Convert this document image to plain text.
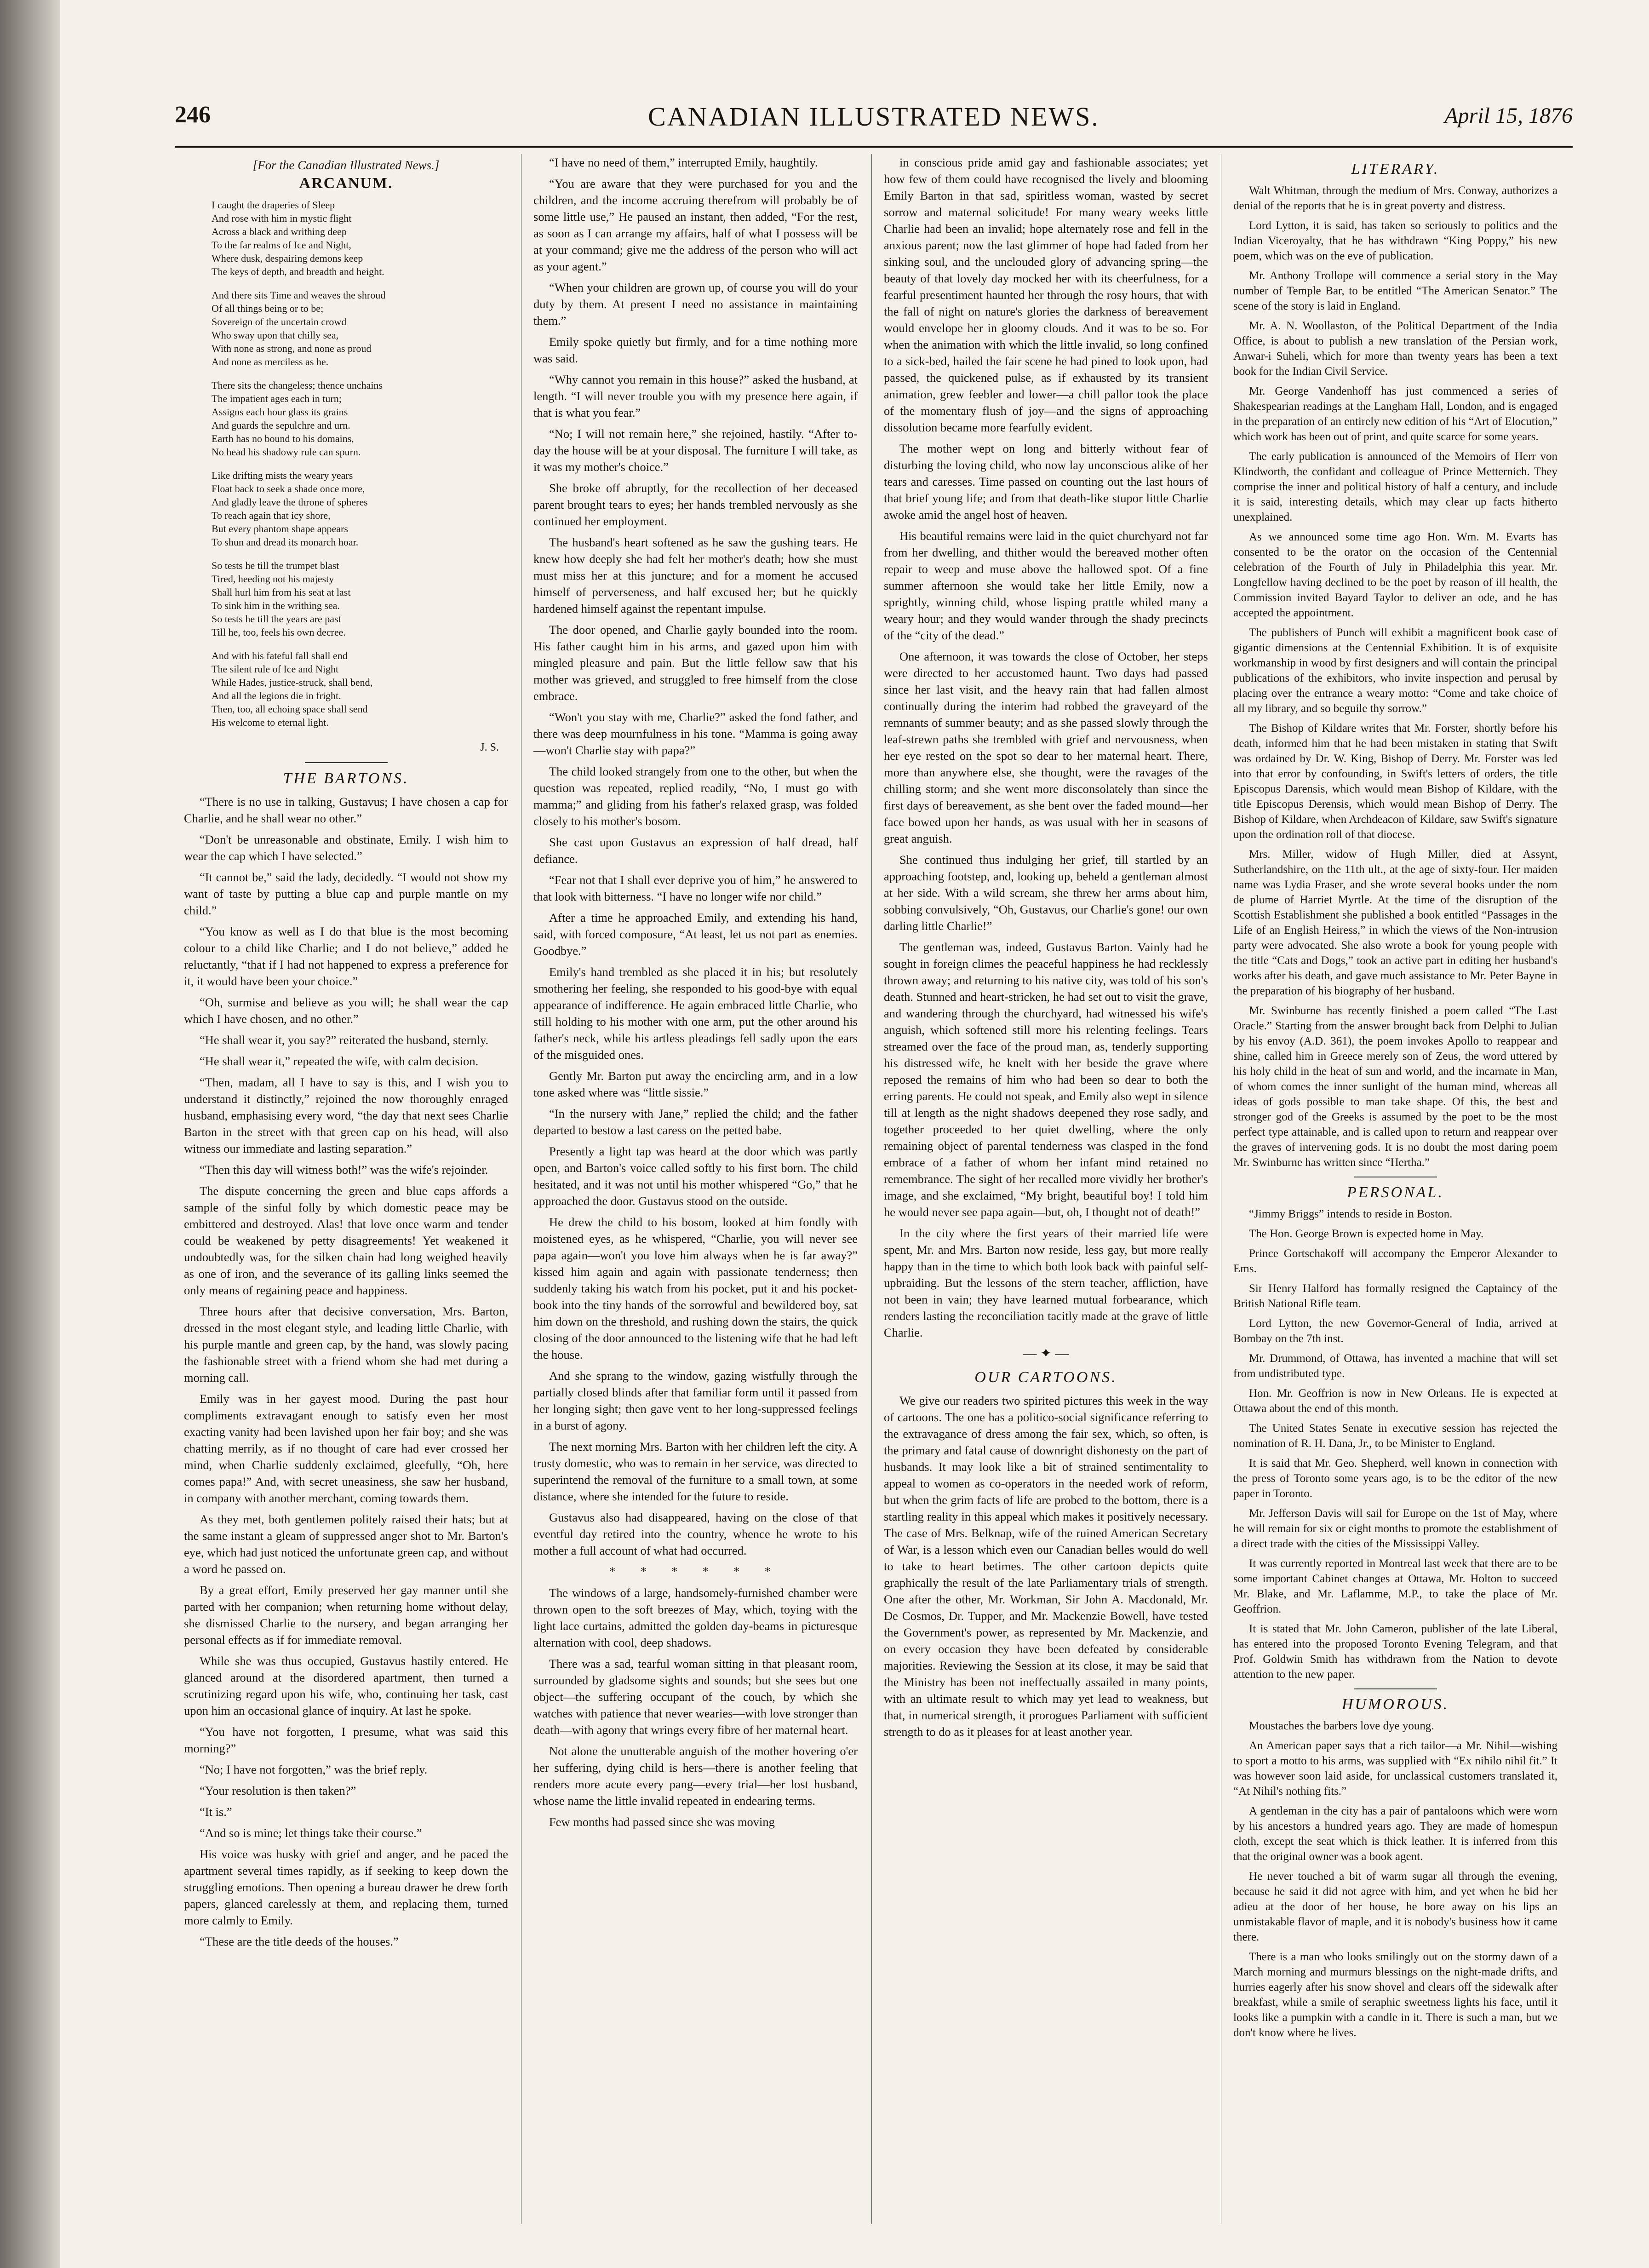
246	CANADIAN ILLUSTRATED NEWS.	April 15, 1876
[For the Canadian Illustrated News.]
ARCANUM.
I caught the draperies of Sleep
And rose with him in mystic flight
Across a black and writhing deep
To the far realms of Ice and Night,
Where dusk, despairing demons keep
The keys of depth, and breadth and height.
And there sits Time and weaves the shroud
Of all things being or to be;
Sovereign of the uncertain crowd
Who sway upon that chilly sea,
With none as strong, and none as proud
And none as merciless as he.
There sits the changeless; thence unchains
The impatient ages each in turn;
Assigns each hour glass its grains
And guards the sepulchre and urn.
Earth has no bound to his domains,
No head his shadowy rule can spurn.
Like drifting mists the weary years
Float back to seek a shade once more,
And gladly leave the throne of spheres
To reach again that icy shore,
But every phantom shape appears
To shun and dread its monarch hoar.
So tests he till the trumpet blast
Tired, heeding not his majesty
Shall hurl him from his seat at last
To sink him in the writhing sea.
So tests he till the years are past
Till he, too, feels his own decree.
And with his fateful fall shall end
The silent rule of Ice and Night
While Hades, justice-struck, shall bend,
And all the legions die in fright.
Then, too, all echoing space shall send
His welcome to eternal light.
J. S.
THE BARTONS.

“There is no use in talking, Gustavus; I have chosen a cap for Charlie, and he shall wear no other.”

“Don't be unreasonable and obstinate, Emily. I wish him to wear the cap which I have selected.”

“It cannot be,” said the lady, decidedly. “I would not show my want of taste by putting a blue cap and purple mantle on my child.”

“You know as well as I do that blue is the most becoming colour to a child like Charlie; and I do not believe,” added he reluctantly, “that if I had not happened to express a preference for it, it would have been your choice.”

“Oh, surmise and believe as you will; he shall wear the cap which I have chosen, and no other.”

“He shall wear it, you say?” reiterated the husband, sternly.

“He shall wear it,” repeated the wife, with calm decision.

“Then, madam, all I have to say is this, and I wish you to understand it distinctly,” rejoined the now thoroughly enraged husband, emphasising every word, “the day that next sees Charlie Barton in the street with that green cap on his head, will also witness our immediate and lasting separation.”

“Then this day will witness both!” was the wife's rejoinder.

The dispute concerning the green and blue caps affords a sample of the sinful folly by which domestic peace may be embittered and destroyed. Alas! that love once warm and tender could be weakened by petty disagreements! Yet weakened it undoubtedly was, for the silken chain had long weighed heavily as one of iron, and the severance of its galling links seemed the only means of regaining peace and happiness.

Three hours after that decisive conversation, Mrs. Barton, dressed in the most elegant style, and leading little Charlie, with his purple mantle and green cap, by the hand, was slowly pacing the fashionable street with a friend whom she had met during a morning call.

Emily was in her gayest mood. During the past hour compliments extravagant enough to satisfy even her most exacting vanity had been lavished upon her fair boy; and she was chatting merrily, as if no thought of care had ever crossed her mind, when Charlie suddenly exclaimed, gleefully, “Oh, here comes papa!” And, with secret uneasiness, she saw her husband, in company with another merchant, coming towards them.

As they met, both gentlemen politely raised their hats; but at the same instant a gleam of suppressed anger shot to Mr. Barton's eye, which had just noticed the unfortunate green cap, and without a word he passed on.

By a great effort, Emily preserved her gay manner until she parted with her companion; when returning home without delay, she dismissed Charlie to the nursery, and began arranging her personal effects as if for immediate removal.

While she was thus occupied, Gustavus hastily entered. He glanced around at the disordered apartment, then turned a scrutinizing regard upon his wife, who, continuing her task, cast upon him an occasional glance of inquiry. At last he spoke.

“You have not forgotten, I presume, what was said this morning?”

“No; I have not forgotten,” was the brief reply.

“Your resolution is then taken?”

“It is.”

“And so is mine; let things take their course.”

His voice was husky with grief and anger, and he paced the apartment several times rapidly, as if seeking to keep down the struggling emotions. Then opening a bureau drawer he drew forth papers, glanced carelessly at them, and replacing them, turned more calmly to Emily.

“These are the title deeds of the houses.”

“I have no need of them,” interrupted Emily, haughtily.

“You are aware that they were purchased for you and the children, and the income accruing therefrom will probably be of some little use,” He paused an instant, then added, “For the rest, as soon as I can arrange my affairs, half of what I possess will be at your command; give me the address of the person who will act as your agent.”

“When your children are grown up, of course you will do your duty by them. At present I need no assistance in maintaining them.”

Emily spoke quietly but firmly, and for a time nothing more was said.

“Why cannot you remain in this house?” asked the husband, at length. “I will never trouble you with my presence here again, if that is what you fear.”

“No; I will not remain here,” she rejoined, hastily. “After to-day the house will be at your disposal. The furniture I will take, as it was my mother's choice.”

She broke off abruptly, for the recollection of her deceased parent brought tears to eyes; her hands trembled nervously as she continued her employment.

The husband's heart softened as he saw the gushing tears. He knew how deeply she had felt her mother's death; how she must must miss her at this juncture; and for a moment he accused himself of perverseness, and half excused her; but he quickly hardened himself against the repentant impulse.

The door opened, and Charlie gayly bounded into the room. His father caught him in his arms, and gazed upon him with mingled pleasure and pain. But the little fellow saw that his mother was grieved, and struggled to free himself from the close embrace.

“Won't you stay with me, Charlie?” asked the fond father, and there was deep mournfulness in his tone. “Mamma is going away—won't Charlie stay with papa?”

The child looked strangely from one to the other, but when the question was repeated, replied readily, “No, I must go with mamma;” and gliding from his father's relaxed grasp, was folded closely to his mother's bosom.

She cast upon Gustavus an expression of half dread, half defiance.

“Fear not that I shall ever deprive you of him,” he answered to that look with bitterness. “I have no longer wife nor child.”

After a time he approached Emily, and extending his hand, said, with forced composure, “At least, let us not part as enemies. Goodbye.”

Emily's hand trembled as she placed it in his; but resolutely smothering her feeling, she responded to his good-bye with equal appearance of indifference. He again embraced little Charlie, who still holding to his mother with one arm, put the other around his father's neck, while his artless pleadings fell sadly upon the ears of the misguided ones.

Gently Mr. Barton put away the encircling arm, and in a low tone asked where was “little sissie.”

“In the nursery with Jane,” replied the child; and the father departed to bestow a last caress on the petted babe.

Presently a light tap was heard at the door which was partly open, and Barton's voice called softly to his first born. The child hesitated, and it was not until his mother whispered “Go,” that he approached the door. Gustavus stood on the outside.

He drew the child to his bosom, looked at him fondly with moistened eyes, as he whispered, “Charlie, you will never see papa again—won't you love him always when he is far away?” kissed him again and again with passionate tenderness; then suddenly taking his watch from his pocket, put it and his pocket-book into the tiny hands of the sorrowful and bewildered boy, sat him down on the threshold, and rushing down the stairs, the quick closing of the door announced to the listening wife that he had left the house.

And she sprang to the window, gazing wistfully through the partially closed blinds after that familiar form until it passed from her longing sight; then gave vent to her long-suppressed feelings in a burst of agony.

The next morning Mrs. Barton with her children left the city. A trusty domestic, who was to remain in her service, was directed to superintend the removal of the furniture to a small town, at some distance, where she intended for the future to reside.

Gustavus also had disappeared, having on the close of that eventful day retired into the country, whence he wrote to his mother a full account of what had occurred.

* * * * * *

The windows of a large, handsomely-furnished chamber were thrown open to the soft breezes of May, which, toying with the light lace curtains, admitted the golden day-beams in picturesque alternation with cool, deep shadows.

There was a sad, tearful woman sitting in that pleasant room, surrounded by gladsome sights and sounds; but she sees but one object—the suffering occupant of the couch, by which she watches with patience that never wearies—with love stronger than death—with agony that wrings every fibre of her maternal heart.

Not alone the unutterable anguish of the mother hovering o'er her suffering, dying child is hers—there is another feeling that renders more acute every pang—every trial—her lost husband, whose name the little invalid repeated in endearing terms.

Few months had passed since she was moving

in conscious pride amid gay and fashionable associates; yet how few of them could have recognised the lively and blooming Emily Barton in that sad, spiritless woman, wasted by secret sorrow and maternal solicitude! For many weary weeks little Charlie had been an invalid; hope alternately rose and fell in the anxious parent; now the last glimmer of hope had faded from her sinking soul, and the unclouded glory of advancing spring—the beauty of that lovely day mocked her with its cheerfulness, for a fearful presentiment haunted her through the rosy hours, that with the fall of night on nature's glories the darkness of bereavement would envelope her in gloomy clouds. And it was to be so. For when the animation with which the little invalid, so long confined to a sick-bed, hailed the fair scene he had pined to look upon, had passed, the quickened pulse, as if exhausted by its transient animation, grew feebler and lower—a chill pallor took the place of the momentary flush of joy—and the signs of approaching dissolution became more fearfully evident.

The mother wept on long and bitterly without fear of disturbing the loving child, who now lay unconscious alike of her tears and caresses. Time passed on counting out the last hours of that brief young life; and from that death-like stupor little Charlie awoke amid the angel host of heaven.

His beautiful remains were laid in the quiet churchyard not far from her dwelling, and thither would the bereaved mother often repair to weep and muse above the hallowed spot. Of a fine summer afternoon she would take her little Emily, now a sprightly, winning child, whose lisping prattle whiled many a weary hour; and they would wander through the shady precincts of the “city of the dead.”

One afternoon, it was towards the close of October, her steps were directed to her accustomed haunt. Two days had passed since her last visit, and the heavy rain that had fallen almost continually during the interim had robbed the graveyard of the remnants of summer beauty; and as she passed slowly through the leaf-strewn paths she trembled with grief and nervousness, when her eye rested on the spot so dear to her maternal heart. There, more than anywhere else, she thought, were the ravages of the chilling storm; and she went more disconsolately than since the first days of bereavement, as she bent over the faded mound—her face bowed upon her hands, as was usual with her in seasons of great anguish.

She continued thus indulging her grief, till startled by an approaching footstep, and, looking up, beheld a gentleman almost at her side. With a wild scream, she threw her arms about him, sobbing convulsively, “Oh, Gustavus, our Charlie's gone! our own darling little Charlie!”

The gentleman was, indeed, Gustavus Barton. Vainly had he sought in foreign climes the peaceful happiness he had recklessly thrown away; and returning to his native city, was told of his son's death. Stunned and heart-stricken, he had set out to visit the grave, and wandering through the churchyard, had witnessed his wife's anguish, which softened still more his relenting feelings. Tears streamed over the face of the proud man, as, tenderly supporting his distressed wife, he knelt with her beside the grave where reposed the remains of him who had been so dear to both the erring parents. He could not speak, and Emily also wept in silence till at length as the night shadows deepened they rose sadly, and together proceeded to her quiet dwelling, where the only remaining object of parental tenderness was clasped in the fond embrace of a father of whom her infant mind retained no remembrance. The sight of her recalled more vividly her brother's image, and she exclaimed, “My bright, beautiful boy! I told him he would never see papa again—but, oh, I thought not of death!”

In the city where the first years of their married life were spent, Mr. and Mrs. Barton now reside, less gay, but more really happy than in the time to which both look back with painful self-upbraiding. But the lessons of the stern teacher, affliction, have not been in vain; they have learned mutual forbearance, which renders lasting the reconciliation tacitly made at the grave of little Charlie.

— ✦ —
OUR CARTOONS.

We give our readers two spirited pictures this week in the way of cartoons. The one has a politico-social significance referring to the extravagance of dress among the fair sex, which, so often, is the primary and fatal cause of downright dishonesty on the part of husbands. It may look like a bit of strained sentimentality to appeal to women as co-operators in the needed work of reform, but when the grim facts of life are probed to the bottom, there is a startling reality in this appeal which makes it positively necessary. The case of Mrs. Belknap, wife of the ruined American Secretary of War, is a lesson which even our Canadian belles would do well to take to heart betimes. The other cartoon depicts quite graphically the result of the late Parliamentary trials of strength. One after the other, Mr. Workman, Sir John A. Macdonald, Mr. De Cosmos, Dr. Tupper, and Mr. Mackenzie Bowell, have tested the Government's power, as represented by Mr. Mackenzie, and on every occasion they have been defeated by considerable majorities. Reviewing the Session at its close, it may be said that the Ministry has been not ineffectually assailed in many points, with an ultimate result to which may yet lead to weakness, but that, in numerical strength, it prorogues Parliament with sufficient strength to do as it pleases for at least another year.

LITERARY.

Walt Whitman, through the medium of Mrs. Conway, authorizes a denial of the reports that he is in great poverty and distress.

Lord Lytton, it is said, has taken so seriously to politics and the Indian Viceroyalty, that he has withdrawn “King Poppy,” his new poem, which was on the eve of publication.

Mr. Anthony Trollope will commence a serial story in the May number of Temple Bar, to be entitled “The American Senator.” The scene of the story is laid in England.

Mr. A. N. Woollaston, of the Political Department of the India Office, is about to publish a new translation of the Persian work, Anwar-i Suheli, which for more than twenty years has been a text book for the Indian Civil Service.

Mr. George Vandenhoff has just commenced a series of Shakespearian readings at the Langham Hall, London, and is engaged in the preparation of an entirely new edition of his “Art of Elocution,” which work has been out of print, and quite scarce for some years.

The early publication is announced of the Memoirs of Herr von Klindworth, the confidant and colleague of Prince Metternich. They comprise the inner and political history of half a century, and include it is said, interesting details, which may clear up facts hitherto unexplained.

As we announced some time ago Hon. Wm. M. Evarts has consented to be the orator on the occasion of the Centennial celebration of the Fourth of July in Philadelphia this year. Mr. Longfellow having declined to be the poet by reason of ill health, the Commission invited Bayard Taylor to deliver an ode, and he has accepted the appointment.

The publishers of Punch will exhibit a magnificent book case of gigantic dimensions at the Centennial Exhibition. It is of exquisite workmanship in wood by first designers and will contain the principal publications of the exhibitors, who invite inspection and perusal by placing over the entrance a weary motto: “Come and take choice of all my library, and so beguile thy sorrow.”

The Bishop of Kildare writes that Mr. Forster, shortly before his death, informed him that he had been mistaken in stating that Swift was ordained by Dr. W. King, Bishop of Derry. Mr. Forster was led into that error by confounding, in Swift's letters of orders, the title Episcopus Darensis, which would mean Bishop of Kildare, with the title Episcopus Derensis, which would mean Bishop of Derry. The Bishop of Kildare, when Archdeacon of Kildare, saw Swift's signature upon the ordination roll of that diocese.

Mrs. Miller, widow of Hugh Miller, died at Assynt, Sutherlandshire, on the 11th ult., at the age of sixty-four. Her maiden name was Lydia Fraser, and she wrote several books under the nom de plume of Harriet Myrtle. At the time of the disruption of the Scottish Establishment she published a book entitled “Passages in the Life of an English Heiress,” in which the views of the Non-intrusion party were advocated. She also wrote a book for young people with the title “Cats and Dogs,” took an active part in editing her husband's works after his death, and gave much assistance to Mr. Peter Bayne in the preparation of his biography of her husband.

Mr. Swinburne has recently finished a poem called “The Last Oracle.” Starting from the answer brought back from Delphi to Julian by his envoy (A.D. 361), the poem invokes Apollo to reappear and shine, called him in Greece merely son of Zeus, the word uttered by his holy child in the heat of sun and world, and the incarnate in Man, of whom comes the inner sunlight of the human mind, whereas all ideas of gods possible to man take shape. Of this, the best and stronger god of the Greeks is assumed by the poet to be the most perfect type attainable, and is called upon to return and reappear over the graves of intervening gods. It is no doubt the most daring poem Mr. Swinburne has written since “Hertha.”

PERSONAL.

“Jimmy Briggs” intends to reside in Boston.

The Hon. George Brown is expected home in May.

Prince Gortschakoff will accompany the Emperor Alexander to Ems.

Sir Henry Halford has formally resigned the Captaincy of the British National Rifle team.

Lord Lytton, the new Governor-General of India, arrived at Bombay on the 7th inst.

Mr. Drummond, of Ottawa, has invented a machine that will set from undistributed type.

Hon. Mr. Geoffrion is now in New Orleans. He is expected at Ottawa about the end of this month.

The United States Senate in executive session has rejected the nomination of R. H. Dana, Jr., to be Minister to England.

It is said that Mr. Geo. Shepherd, well known in connection with the press of Toronto some years ago, is to be the editor of the new paper in Toronto.

Mr. Jefferson Davis will sail for Europe on the 1st of May, where he will remain for six or eight months to promote the establishment of a direct trade with the cities of the Mississippi Valley.

It was currently reported in Montreal last week that there are to be some important Cabinet changes at Ottawa, Mr. Holton to succeed Mr. Blake, and Mr. Laflamme, M.P., to take the place of Mr. Geoffrion.

It is stated that Mr. John Cameron, publisher of the late Liberal, has entered into the proposed Toronto Evening Telegram, and that Prof. Goldwin Smith has withdrawn from the Nation to devote attention to the new paper.

HUMOROUS.

Moustaches the barbers love dye young.

An American paper says that a rich tailor—a Mr. Nihil—wishing to sport a motto to his arms, was supplied with “Ex nihilo nihil fit.” It was however soon laid aside, for unclassical customers translated it, “At Nihil's nothing fits.”

A gentleman in the city has a pair of pantaloons which were worn by his ancestors a hundred years ago. They are made of homespun cloth, except the seat which is thick leather. It is inferred from this that the original owner was a book agent.

He never touched a bit of warm sugar all through the evening, because he said it did not agree with him, and yet when he bid her adieu at the door of her house, he bore away on his lips an unmistakable flavor of maple, and it is nobody's business how it came there.

There is a man who looks smilingly out on the stormy dawn of a March morning and murmurs blessings on the night-made drifts, and hurries eagerly after his snow shovel and clears off the sidewalk after breakfast, while a smile of seraphic sweetness lights his face, until it looks like a pumpkin with a candle in it. There is such a man, but we don't know where he lives.
